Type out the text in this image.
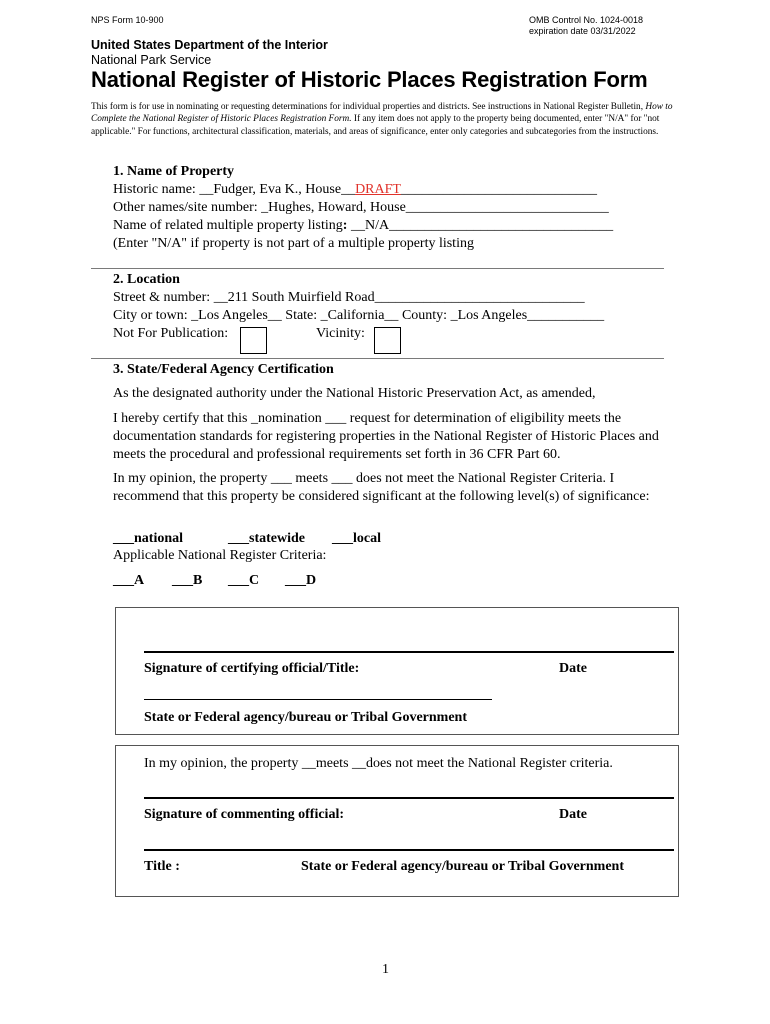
NPS Form 10-900	OMB Control No. 1024-0018
expiration date 03/31/2022
United States Department of the Interior
National Park Service
National Register of Historic Places Registration Form
This form is for use in nominating or requesting determinations for individual properties and districts. See instructions in National Register Bulletin, How to Complete the National Register of Historic Places Registration Form. If any item does not apply to the property being documented, enter "N/A" for "not applicable." For functions, architectural classification, materials, and areas of significance, enter only categories and subcategories from the instructions.
1. Name of Property
Historic name: __Fudger, Eva K., House__DRAFT____________________________
Other names/site number: _Hughes, Howard, House_____________________________
Name of related multiple property listing: __N/A________________________________
(Enter "N/A" if property is not part of a multiple property listing
2. Location
Street & number: __211 South Muirfield Road______________________________
City or town: _Los Angeles__ State: _California__ County: _Los Angeles___________
Not For Publication:	Vicinity:
3. State/Federal Agency Certification
As the designated authority under the National Historic Preservation Act, as amended,
I hereby certify that this _nomination ___ request for determination of eligibility meets the documentation standards for registering properties in the National Register of Historic Places and meets the procedural and professional requirements set forth in 36 CFR Part 60.
In my opinion, the property ___ meets ___ does not meet the National Register Criteria. I recommend that this property be considered significant at the following level(s) of significance:
___national	___statewide ___local
Applicable National Register Criteria:
___A ___B ___C ___D
Signature of certifying official/Title:	Date
State or Federal agency/bureau or Tribal Government
In my opinion, the property __meets __does not meet the National Register criteria.
Signature of commenting official:	Date
Title :	State or Federal agency/bureau or Tribal Government
1
